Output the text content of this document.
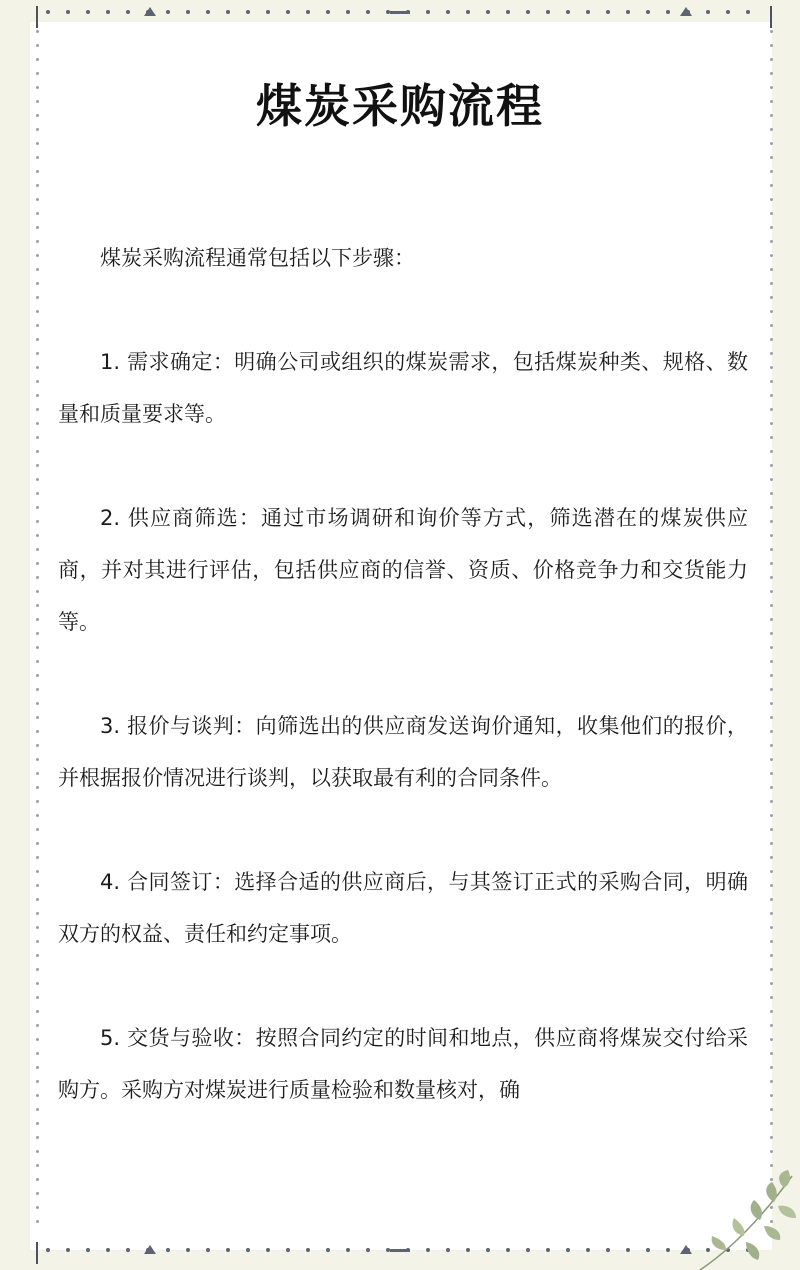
煤炭采购流程

煤炭采购流程通常包括以下步骤：

1. 需求确定：明确公司或组织的煤炭需求，包括煤炭种类、规格、数量和质量要求等。

2. 供应商筛选：通过市场调研和询价等方式，筛选潜在的煤炭供应商，并对其进行评估，包括供应商的信誉、资质、价格竞争力和交货能力等。

3. 报价与谈判：向筛选出的供应商发送询价通知，收集他们的报价，并根据报价情况进行谈判，以获取最有利的合同条件。

4. 合同签订：选择合适的供应商后，与其签订正式的采购合同，明确双方的权益、责任和约定事项。

5. 交货与验收：按照合同约定的时间和地点，供应商将煤炭交付给采购方。采购方对煤炭进行质量检验和数量核对，确
